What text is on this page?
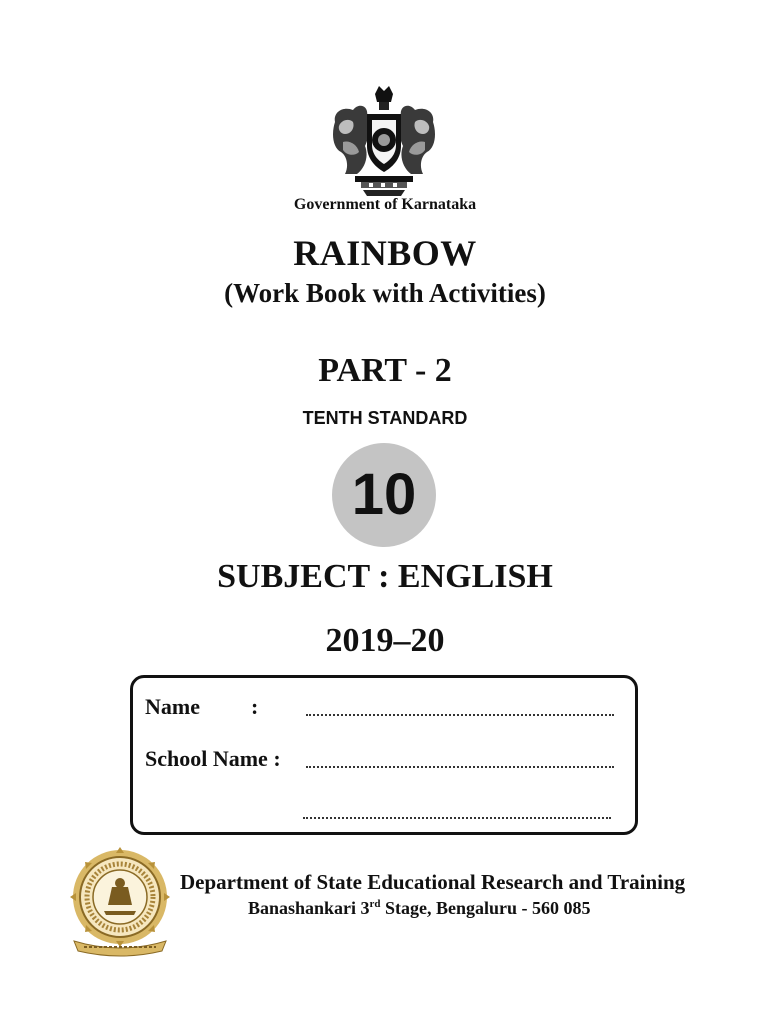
Government of Karnataka
RAINBOW
(Work Book with Activities)
PART - 2
TENTH STANDARD
10
SUBJECT : ENGLISH
2019–20
Name :
School Name :
Department of State Educational Research and Training
Banashankari 3rd Stage, Bengaluru - 560 085
